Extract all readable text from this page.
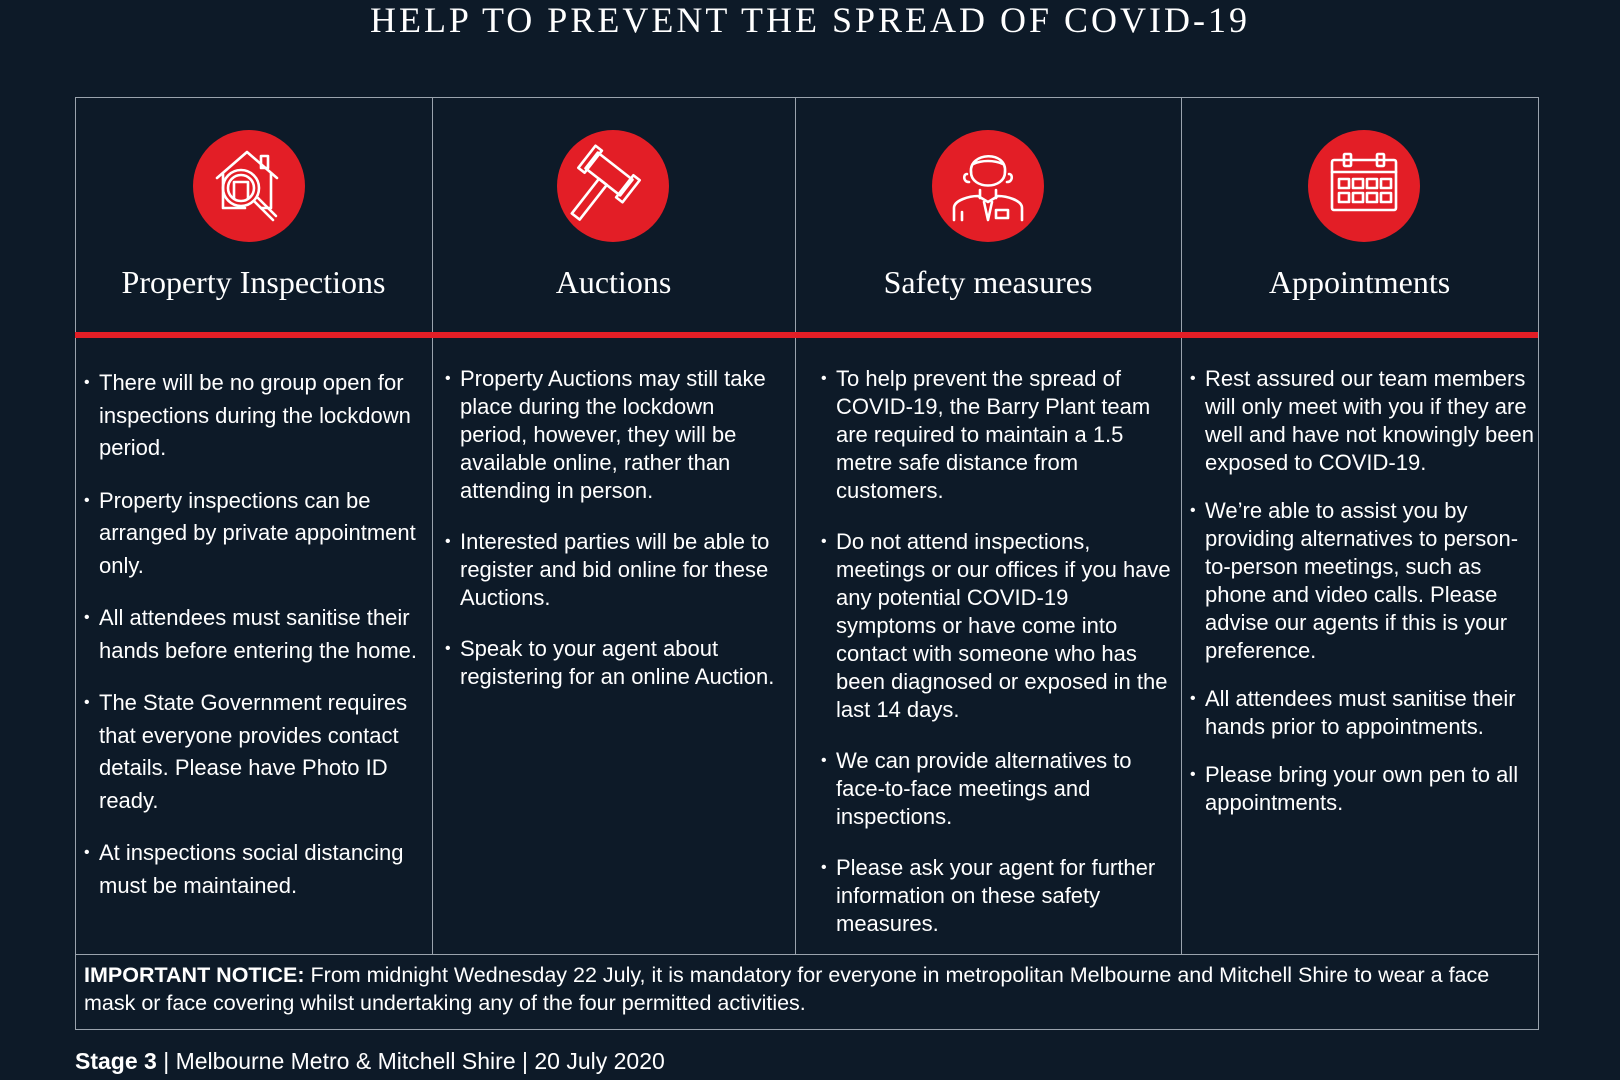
HELP TO PREVENT THE SPREAD OF COVID-19
Property Inspections
• There will be no group open for inspections during the lockdown period.
• Property inspections can be arranged by private appointment only.
• All attendees must sanitise their hands before entering the home.
• The State Government requires that everyone provides contact details. Please have Photo ID ready.
• At inspections social distancing must be maintained.
Auctions
• Property Auctions may still take place during the lockdown period, however, they will be available online, rather than attending in person.
• Interested parties will be able to register and bid online for these Auctions.
• Speak to your agent about registering for an online Auction.
Safety measures
• To help prevent the spread of COVID-19, the Barry Plant team are required to maintain a 1.5 metre safe distance from customers.
• Do not attend inspections, meetings or our offices if you have any potential COVID-19 symptoms or have come into contact with someone who has been diagnosed or exposed in the last 14 days.
• We can provide alternatives to face-to-face meetings and inspections.
• Please ask your agent for further information on these safety measures.
Appointments
• Rest assured our team members will only meet with you if they are well and have not knowingly been exposed to COVID-19.
• We’re able to assist you by providing alternatives to person-to-person meetings, such as phone and video calls. Please advise our agents if this is your preference.
• All attendees must sanitise their hands prior to appointments.
• Please bring your own pen to all appointments.

IMPORTANT NOTICE: From midnight Wednesday 22 July, it is mandatory for everyone in metropolitan Melbourne and Mitchell Shire to wear a face mask or face covering whilst undertaking any of the four permitted activities.

Stage 3 | Melbourne Metro & Mitchell Shire | 20 July 2020
